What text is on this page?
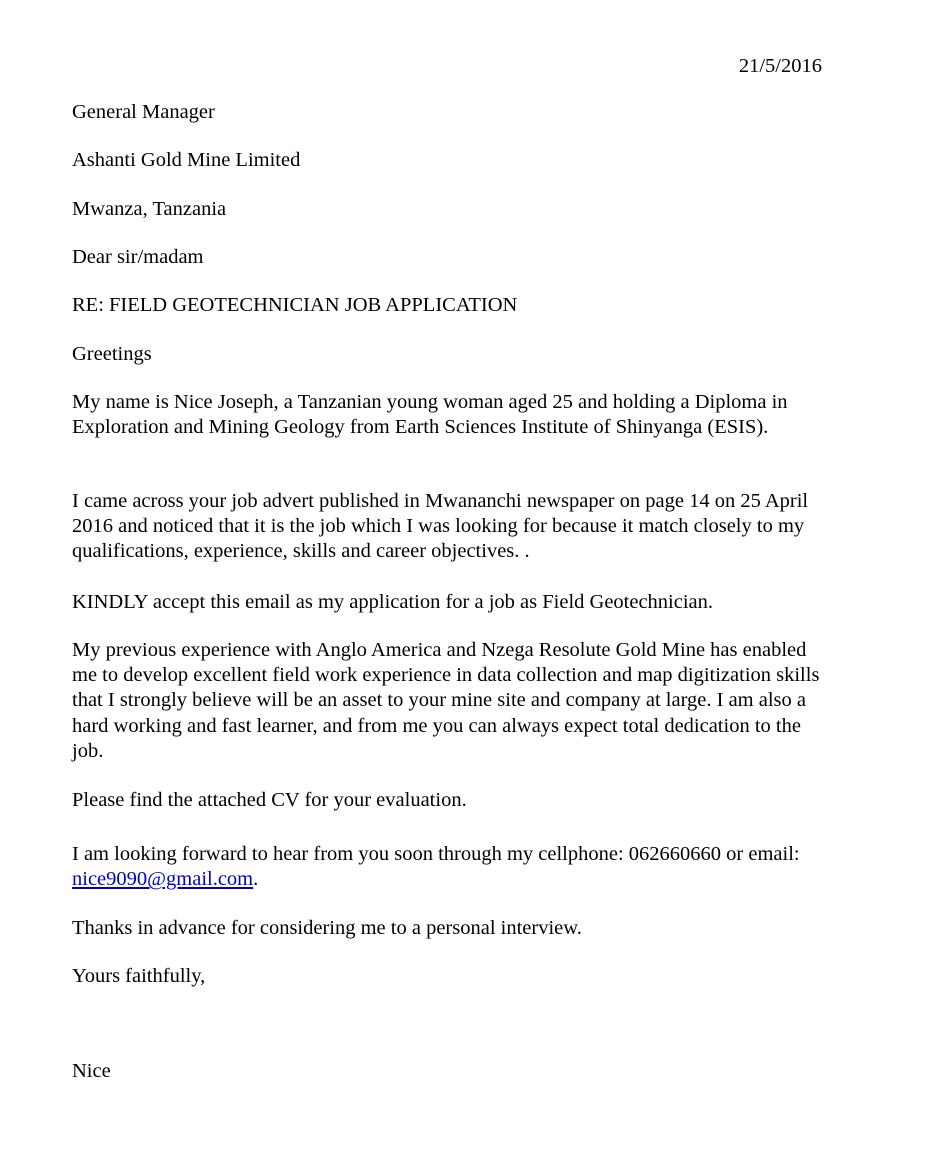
21/5/2016

General Manager

Ashanti Gold Mine Limited

Mwanza, Tanzania

Dear sir/madam

RE: FIELD GEOTECHNICIAN JOB APPLICATION

Greetings

My name is Nice Joseph, a Tanzanian young woman aged 25 and holding a Diploma in Exploration and Mining Geology from Earth Sciences Institute of Shinyanga (ESIS).

I came across your job advert published in Mwananchi newspaper on page 14 on 25 April 2016 and noticed that it is the job which I was looking for because it match closely to my qualifications, experience, skills and career objectives. .

KINDLY accept this email as my application for a job as Field Geotechnician.

My previous experience with Anglo America and Nzega Resolute Gold Mine has enabled me to develop excellent field work experience in data collection and map digitization skills that I strongly believe will be an asset to your mine site and company at large. I am also a hard working and fast learner, and from me you can always expect total dedication to the job.

Please find the attached CV for your evaluation.

I am looking forward to hear from you soon through my cellphone: 062660660 or email: nice9090@gmail.com.

Thanks in advance for considering me to a personal interview.

Yours faithfully,

Nice
